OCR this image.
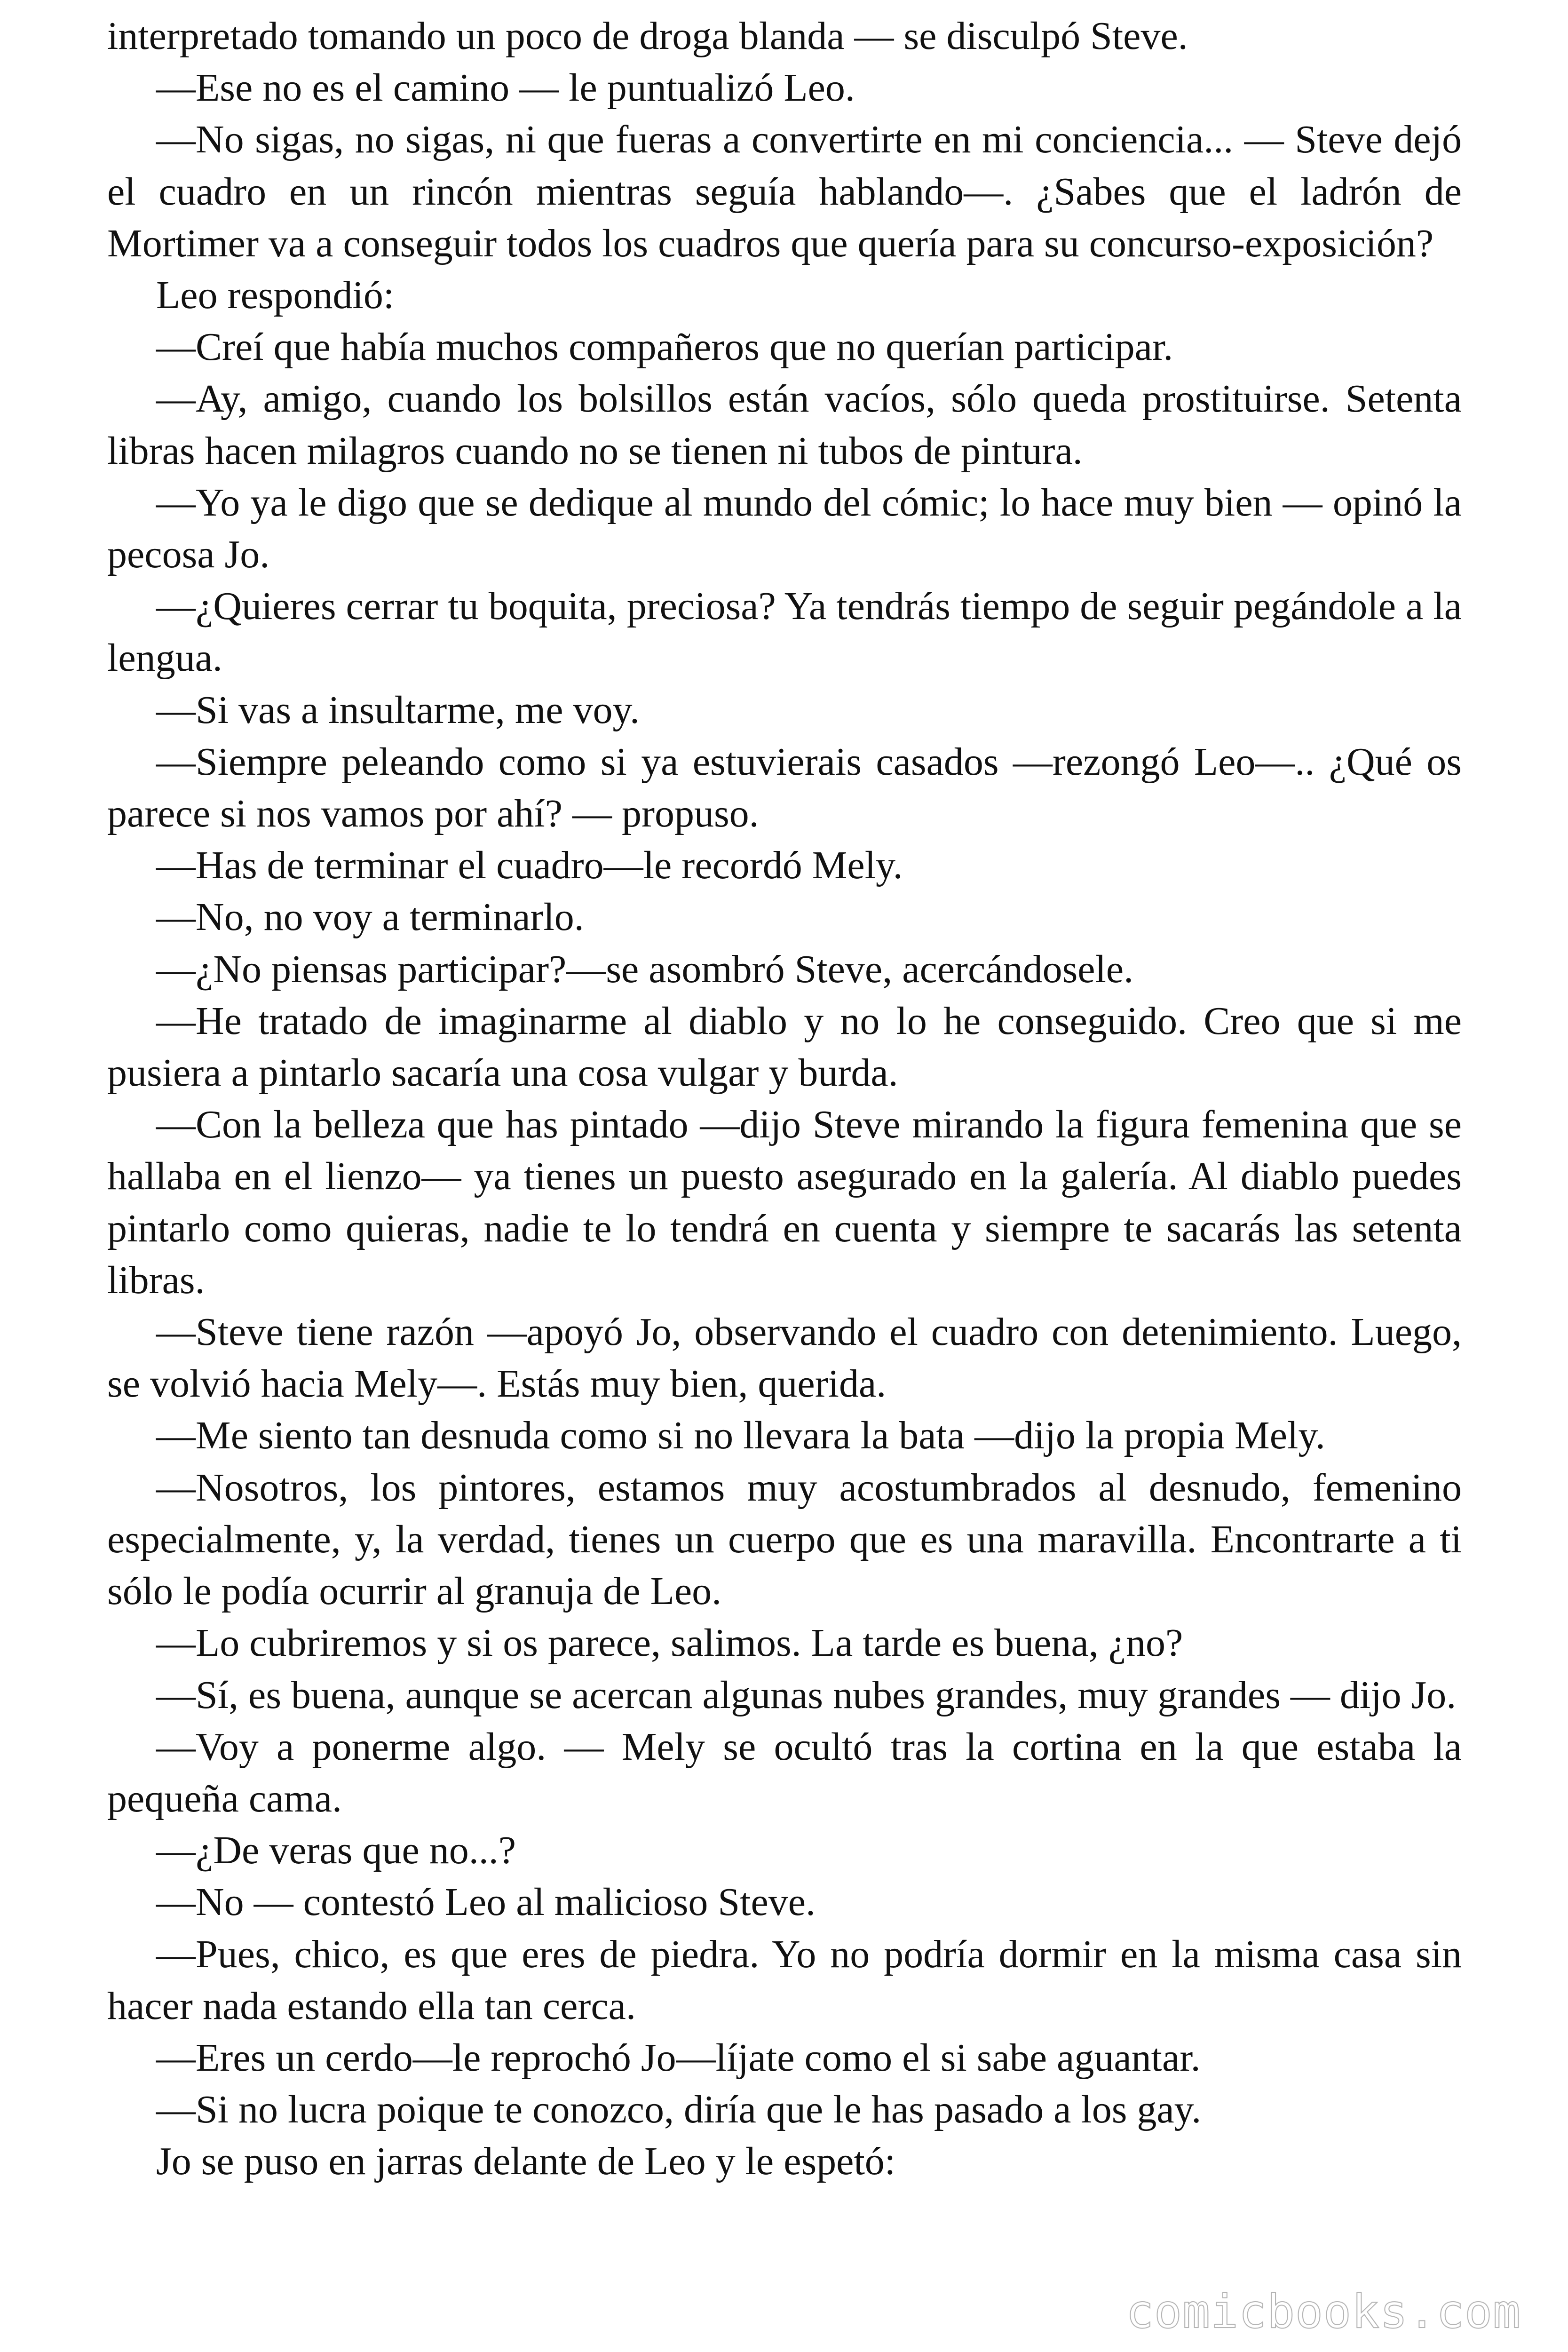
interpretado tomando un poco de droga blanda — se disculpó Steve.

—Ese no es el camino — le puntualizó Leo.

—No sigas, no sigas, ni que fueras a convertirte en mi conciencia... — Steve dejó el cuadro en un rincón mientras seguía hablando—. ¿Sabes que el ladrón de Mortimer va a conseguir todos los cuadros que quería para su concurso-exposición?

Leo respondió:

—Creí que había muchos compañeros que no querían participar.

—Ay, amigo, cuando los bolsillos están vacíos, sólo queda prostituirse. Setenta libras hacen milagros cuando no se tienen ni tubos de pintura.

—Yo ya le digo que se dedique al mundo del cómic; lo hace muy bien — opinó la pecosa Jo.

—¿Quieres cerrar tu boquita, preciosa? Ya tendrás tiempo de seguir pegándole a la lengua.

—Si vas a insultarme, me voy.

—Siempre peleando como si ya estuvierais casados —rezongó Leo—.. ¿Qué os parece si nos vamos por ahí? — propuso.

—Has de terminar el cuadro—le recordó Mely.

—No, no voy a terminarlo.

—¿No piensas participar?—se asombró Steve, acercándosele.

—He tratado de imaginarme al diablo y no lo he conseguido. Creo que si me pusiera a pintarlo sacaría una cosa vulgar y burda.

—Con la belleza que has pintado —dijo Steve mirando la figura femenina que se hallaba en el lienzo— ya tienes un puesto asegurado en la galería. Al diablo puedes pintarlo como quieras, nadie te lo tendrá en cuenta y siempre te sacarás las setenta libras.

—Steve tiene razón —apoyó Jo, observando el cuadro con detenimiento. Luego, se volvió hacia Mely—. Estás muy bien, querida.

—Me siento tan desnuda como si no llevara la bata —dijo la propia Mely.

—Nosotros, los pintores, estamos muy acostumbrados al desnudo, femenino especialmente, y, la verdad, tienes un cuerpo que es una maravilla. Encontrarte a ti sólo le podía ocurrir al granuja de Leo.

—Lo cubriremos y si os parece, salimos. La tarde es buena, ¿no?

—Sí, es buena, aunque se acercan algunas nubes grandes, muy grandes — dijo Jo.

—Voy a ponerme algo. — Mely se ocultó tras la cortina en la que estaba la pequeña cama.

—¿De veras que no...?

—No — contestó Leo al malicioso Steve.

—Pues, chico, es que eres de piedra. Yo no podría dormir en la misma casa sin hacer nada estando ella tan cerca.

—Eres un cerdo—le reprochó Jo—líjate como el si sabe aguantar.

—Si no lucra poique te conozco, diría que le has pasado a los gay.

Jo se puso en jarras delante de Leo y le espetó:

comicbooks.com
